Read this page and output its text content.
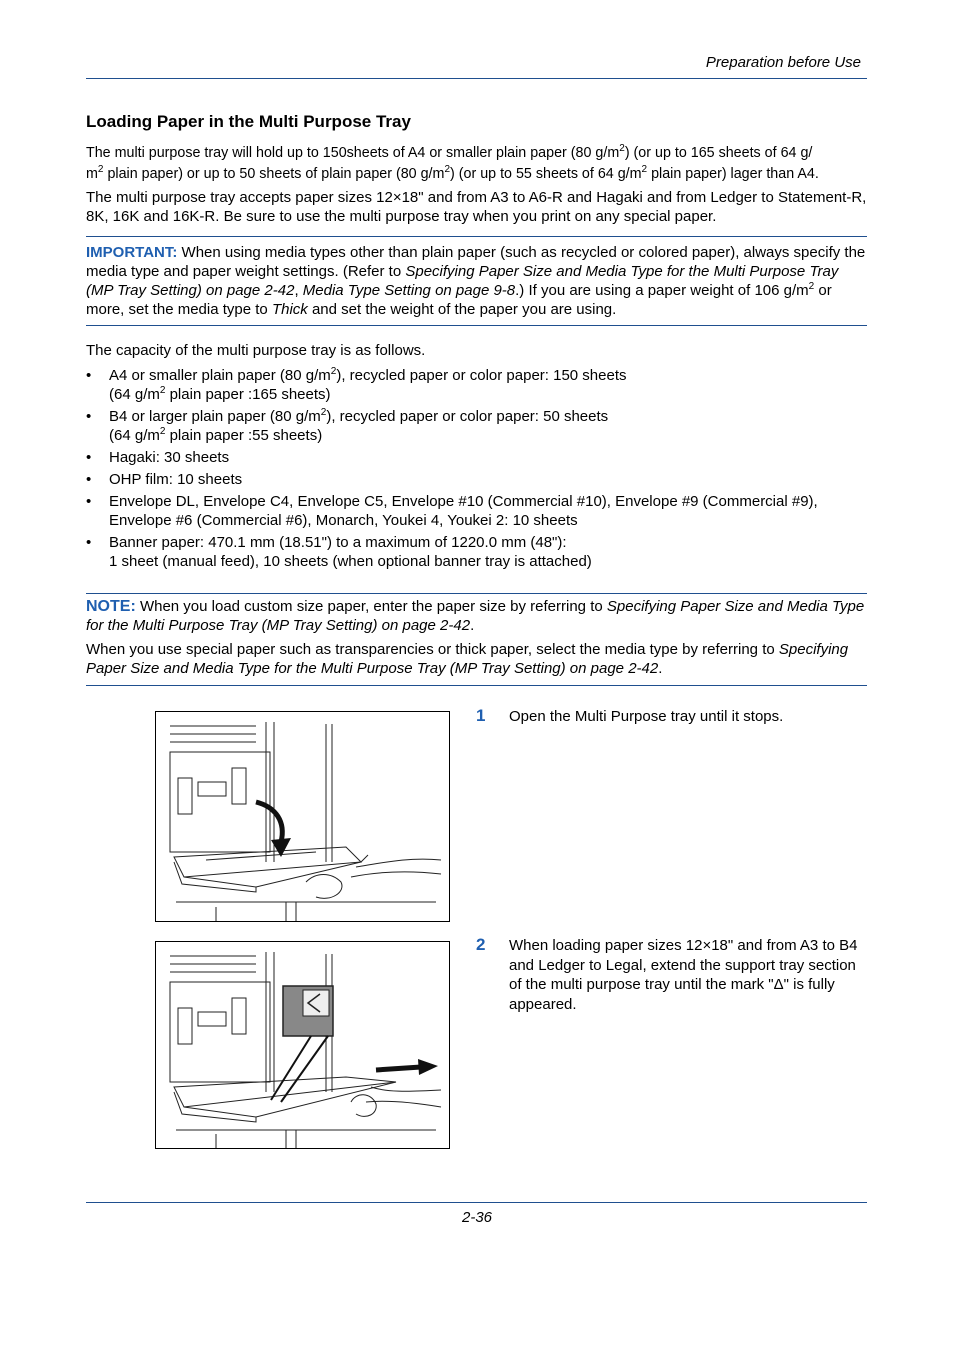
Preparation before Use
Loading Paper in the Multi Purpose Tray
The multi purpose tray will hold up to 150sheets of A4 or smaller plain paper (80 $g/m^2$) (or up to 165 sheets of 64 g/
$m^2$ plain paper) or up to 50 sheets of plain paper (80 $g/m^2$) (or up to 55 sheets of 64 $g/m^2$ plain paper) lager than A4.
The multi purpose tray accepts paper sizes 12×18" and from A3 to A6-R and Hagaki and from Ledger to Statement-R, 8K, 16K and 16K-R. Be sure to use the multi purpose tray when you print on any special paper.
IMPORTANT: When using media types other than plain paper (such as recycled or colored paper), always specify the media type and paper weight settings. (Refer to Specifying Paper Size and Media Type for the Multi Purpose Tray (MP Tray Setting) on page 2-42, Media Type Setting on page 9-8.) If you are using a paper weight of 106 $g/m^2$ or more, set the media type to Thick and set the weight of the paper you are using.
The capacity of the multi purpose tray is as follows.
• A4 or smaller plain paper (80 $g/m^2$), recycled paper or color paper: 150 sheets
(64 $g/m^2$ plain paper :165 sheets)
• B4 or larger plain paper (80 $g/m^2$), recycled paper or color paper: 50 sheets
(64 $g/m^2$ plain paper :55 sheets)
• Hagaki: 30 sheets
• OHP film: 10 sheets
• Envelope DL, Envelope C4, Envelope C5, Envelope #10 (Commercial #10), Envelope #9 (Commercial #9), Envelope #6 (Commercial #6), Monarch, Youkei 4, Youkei 2: 10 sheets
• Banner paper: 470.1 mm (18.51") to a maximum of 1220.0 mm (48"):
1 sheet (manual feed), 10 sheets (when optional banner tray is attached)
NOTE: When you load custom size paper, enter the paper size by referring to Specifying Paper Size and Media Type for the Multi Purpose Tray (MP Tray Setting) on page 2-42.
When you use special paper such as transparencies or thick paper, select the media type by referring to Specifying Paper Size and Media Type for the Multi Purpose Tray (MP Tray Setting) on page 2-42.
1 Open the Multi Purpose tray until it stops.
2 When loading paper sizes 12×18" and from A3 to B4 and Ledger to Legal, extend the support tray section of the multi purpose tray until the mark "Δ" is fully appeared.
2-36
